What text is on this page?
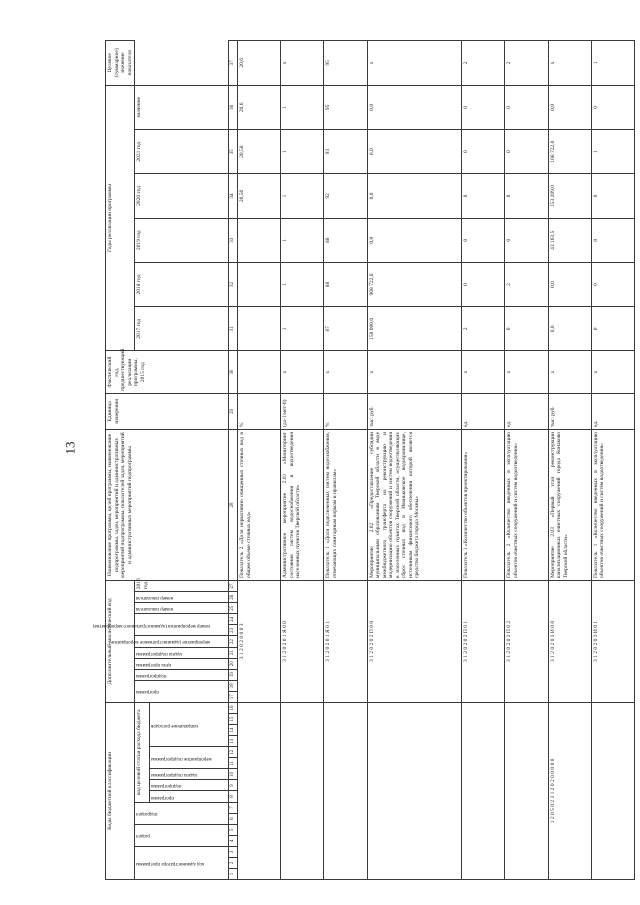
13
Коды бюджетной классификации																Дополнительный аналитический код											Наименование программы, целей программы, наименование подпрограммы, задач, мероприятий и административных мероприятий подпрограммы, показателей задач, мероприятий и административных мероприятий подпрограммы	Единица измерения	Фактический год, предшествующий реализации программы, 2015 год	Годы реализации программы						Целевое (суммарное) значение показателя
код администратора программы			раздел		подраздел		код целевой статьи расхода бюджета									программа		подпрограмма	цель программы	задача подпрограммы	мероприятие (административное мероприятие)	номер мероприятия (административного мероприятия)		номер показателя	номер показателя	2016 год				2017 год	2018 год	2019 год	2020 год	2021 год	значение	
							программа	подпрограмма	задача подпрограммы	мероприятие подпрограммы		направление расходов																								
1	2	3	4	5	6	7	8	9	10	11	12	13	14	15	16	17	18	19	20	21	22	23	24	25	26	27	28	29	30	31	32	33	34	35	36	37
																3 1 2 0 2 0 0 0 3											Показатель 2 «Доля нормативно очищенных сточных вод в общем объеме сточных вод»	%					20,56	20,58	20,6	20,6
																3 1 2 0 2 0 1 Я 0 0											Административное мероприятие 2.01 «Мониторинг состояния систем водоснабжения и водоотведения населенных пунктов Тверской области»	(да-1/нет-0)	х	1	1	1	1	1	1	х
																3 1 2 0 2 0 1 Я 0 1											Показатель 1 «Доля подключенных систем водоснабжения, отвечающих санитарным нормам и правилам»	%	х	87	88	88	92	93	95	95
																3 1 2 0 2 0 2 П 0 0											Мероприятие 2.02 «Предоставление субсидии муниципальным образованиям Тверской области в виде межбюджетного трансферта на реконструкцию и модернизацию объектов сооружений и систем водоотведения в населенных пунктах Тверской области, осуществляющих сброс сточных вод в Иваньковское водохранилище, источником финансового обеспечения которой является средства бюджета города Москвы»	тыс. руб.	х	150 000,0	908 722,0	0,0	0,0	0,0	0,0	х
																3 1 2 0 2 0 2 П 0 1											Показатель 1 «Количество объектов проектирования»	ед.	х	2	0	0	0	0	0	2
																3 1 2 0 2 0 2 П 0 2											Показатель 2 «Количество введенных в эксплуатацию объектов очистных сооружений и систем водоотведения»	ед.	х	0	2	0	0	0	0	2
1 2 0 5 0 2 3 1 2 0 2 0 0 0 0 0																3 1 2 0 2 0 3 И 0 0											Мероприятие 2.03 «Первый этап реконструкции канализационных очистных сооружений города Конаково Тверской области»	тыс. руб.	х	0,0	0,0	43 163,5	153 209,0	108 722,0	0,0	х
																3 1 2 0 2 0 3 И 0 1											Показатель 1 «Количество введенных в эксплуатацию объектов очистных сооружений и систем водоотведения»	ед.	х	0	0	0	0	1	0	1
